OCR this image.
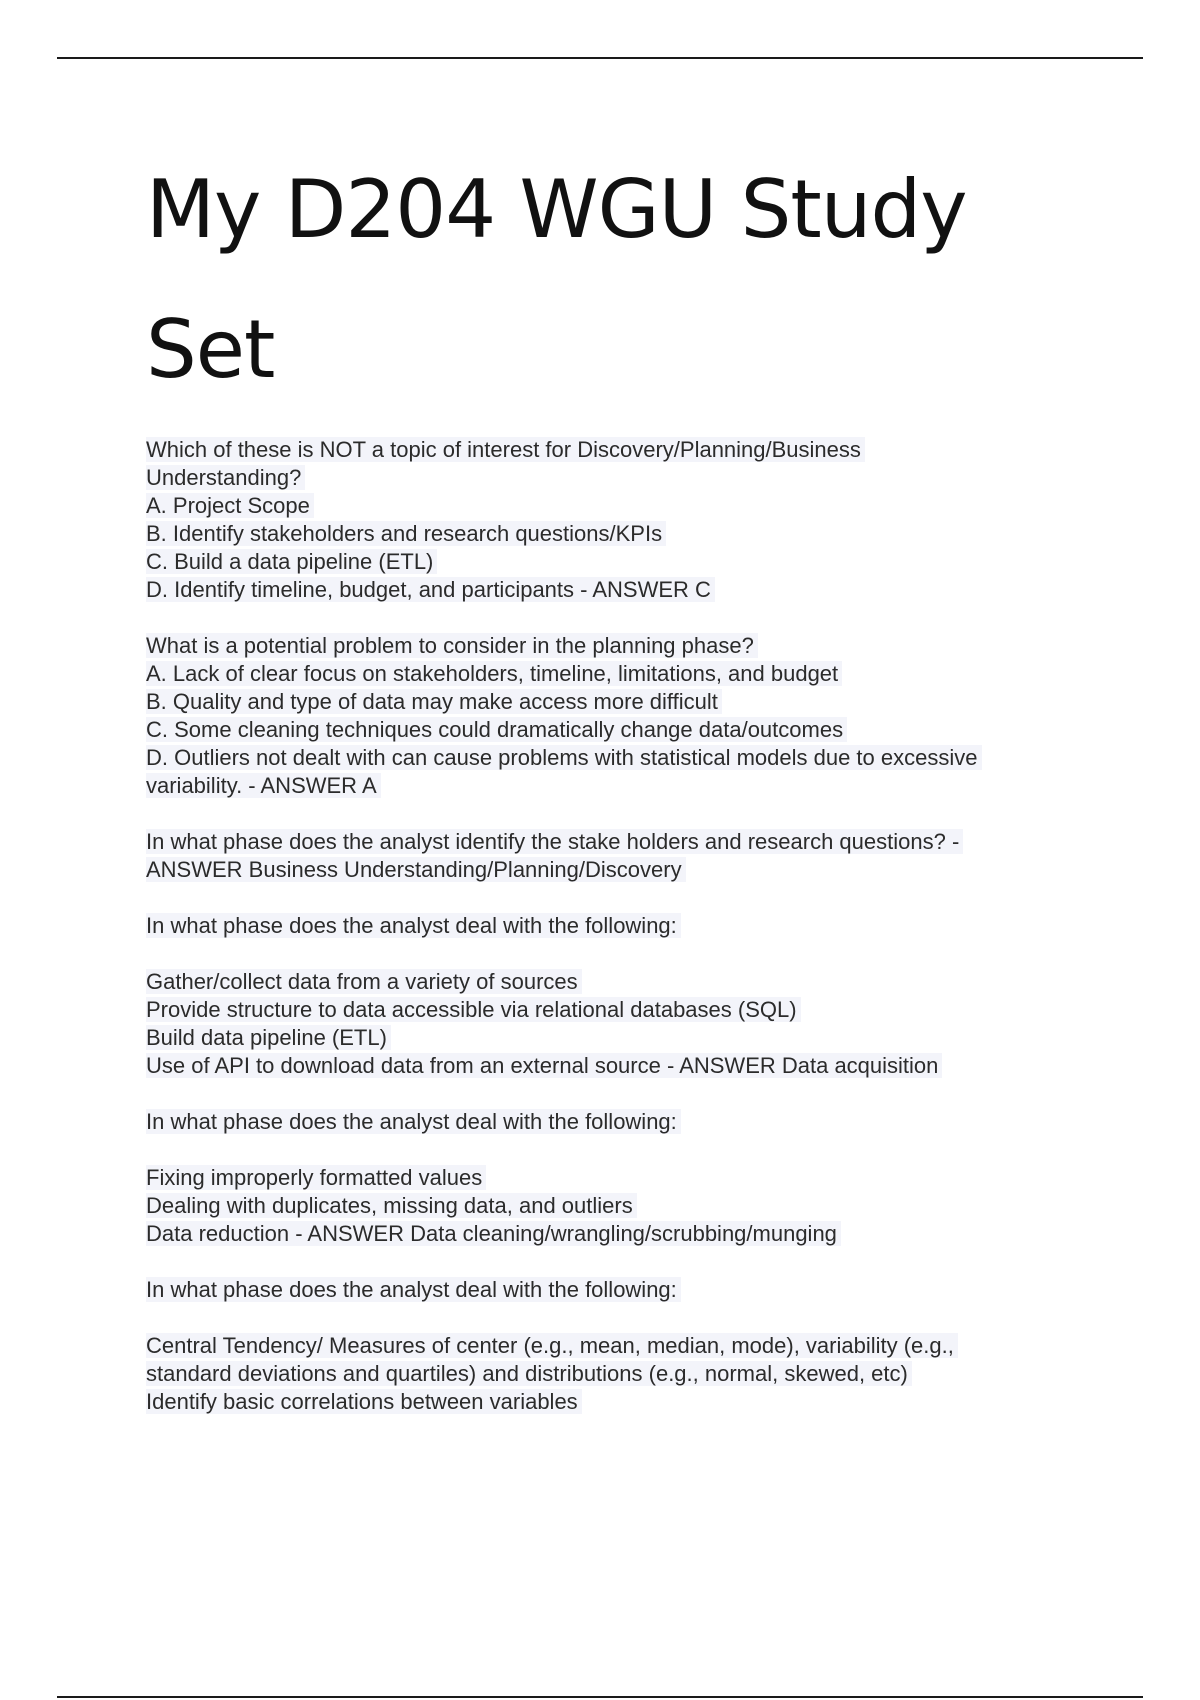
My D204 WGU Study Set
Which of these is NOT a topic of interest for Discovery/Planning/Business
Understanding?
A. Project Scope
B. Identify stakeholders and research questions/KPIs
C. Build a data pipeline (ETL)
D. Identify timeline, budget, and participants - ANSWER C
What is a potential problem to consider in the planning phase?
A. Lack of clear focus on stakeholders, timeline, limitations, and budget
B. Quality and type of data may make access more difficult
C. Some cleaning techniques could dramatically change data/outcomes
D. Outliers not dealt with can cause problems with statistical models due to excessive
variability. - ANSWER A
In what phase does the analyst identify the stake holders and research questions? -
ANSWER Business Understanding/Planning/Discovery
In what phase does the analyst deal with the following:
Gather/collect data from a variety of sources
Provide structure to data accessible via relational databases (SQL)
Build data pipeline (ETL)
Use of API to download data from an external source - ANSWER Data acquisition
In what phase does the analyst deal with the following:
Fixing improperly formatted values
Dealing with duplicates, missing data, and outliers
Data reduction - ANSWER Data cleaning/wrangling/scrubbing/munging
In what phase does the analyst deal with the following:
Central Tendency/ Measures of center (e.g., mean, median, mode), variability (e.g.,
standard deviations and quartiles) and distributions (e.g., normal, skewed, etc)
Identify basic correlations between variables
